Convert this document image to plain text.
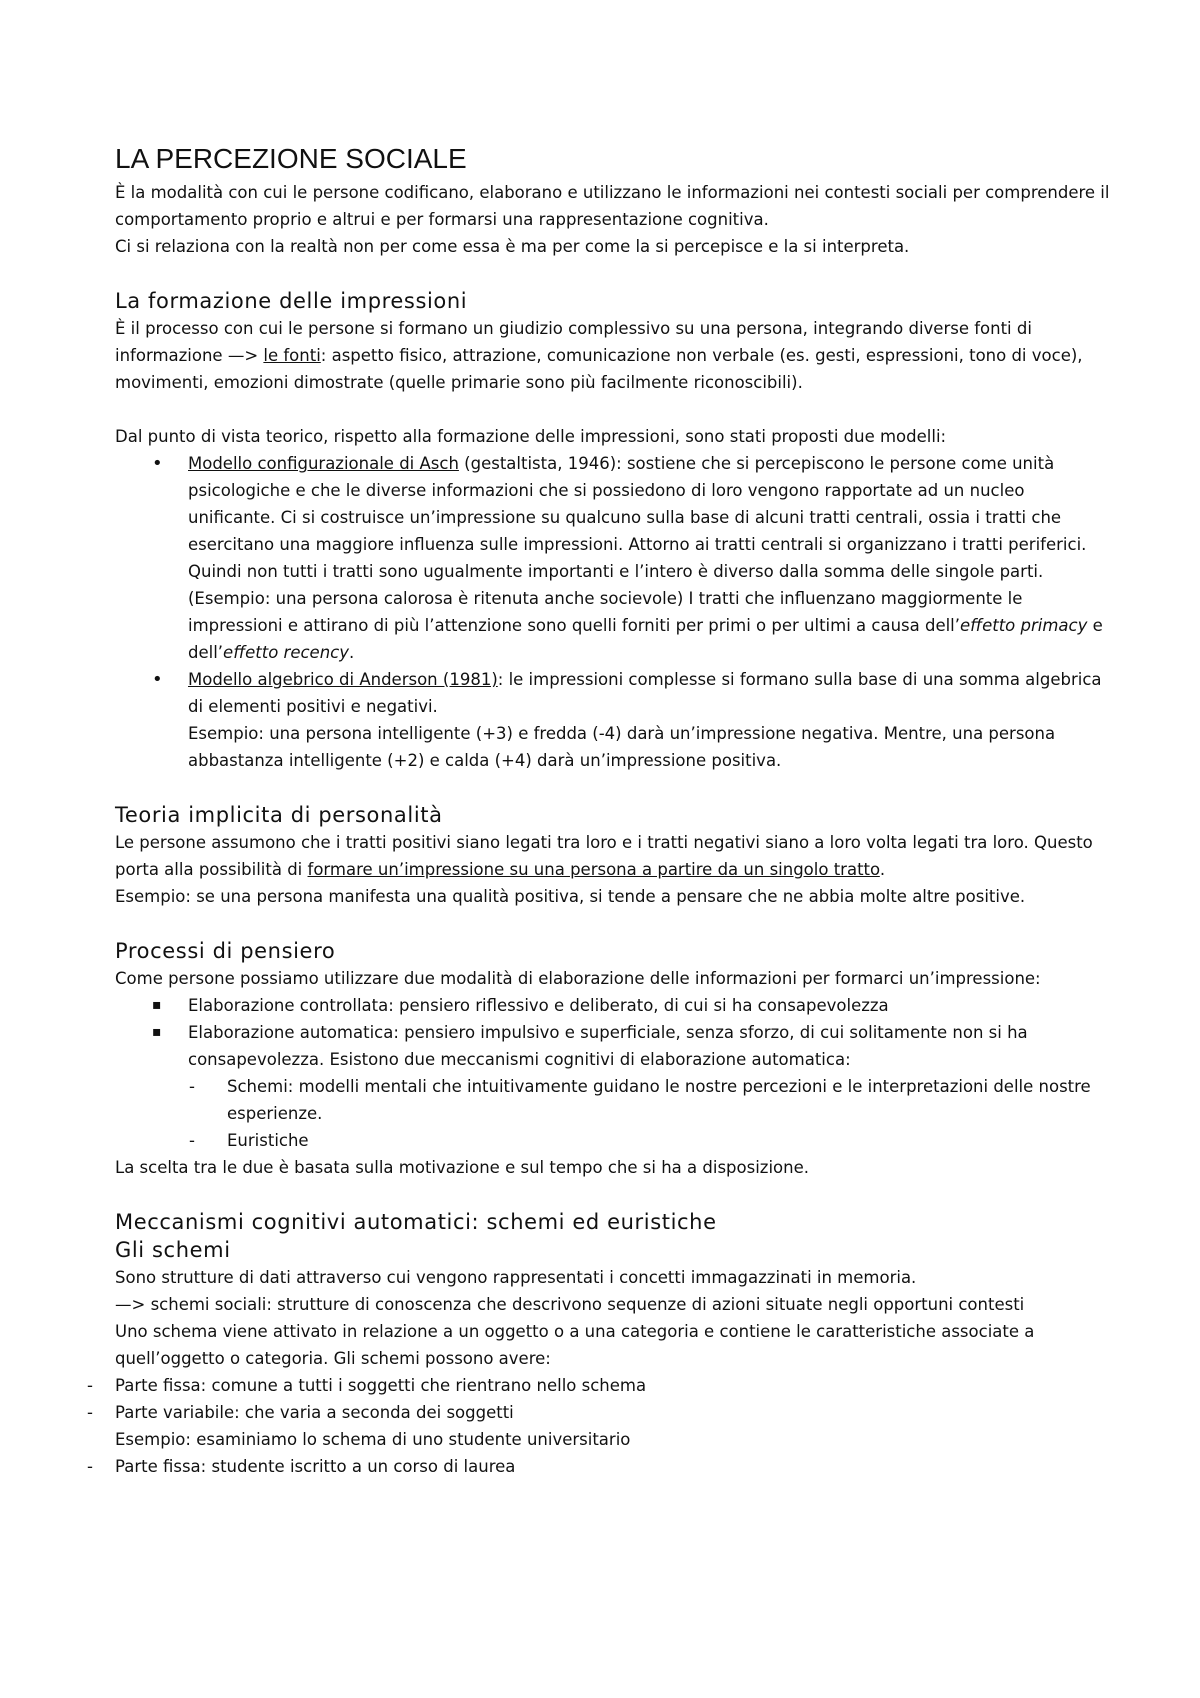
LA PERCEZIONE SOCIALE

È la modalità con cui le persone codificano, elaborano e utilizzano le informazioni nei contesti sociali per comprendere il comportamento proprio e altrui e per formarsi una rappresentazione cognitiva.

Ci si relaziona con la realtà non per come essa è ma per come la si percepisce e la si interpreta.

La formazione delle impressioni

È il processo con cui le persone si formano un giudizio complessivo su una persona, integrando diverse fonti di informazione —> le fonti: aspetto fisico, attrazione, comunicazione non verbale (es. gesti, espressioni, tono di voce), movimenti, emozioni dimostrate (quelle primarie sono più facilmente riconoscibili).

Dal punto di vista teorico, rispetto alla formazione delle impressioni, sono stati proposti due modelli:

• Modello configurazionale di Asch (gestaltista, 1946): sostiene che si percepiscono le persone come unità psicologiche e che le diverse informazioni che si possiedono di loro vengono rapportate ad un nucleo unificante. Ci si costruisce un’impressione su qualcuno sulla base di alcuni tratti centrali, ossia i tratti che esercitano una maggiore influenza sulle impressioni. Attorno ai tratti centrali si organizzano i tratti periferici. Quindi non tutti i tratti sono ugualmente importanti e l’intero è diverso dalla somma delle singole parti. (Esempio: una persona calorosa è ritenuta anche socievole) I tratti che influenzano maggiormente le impressioni e attirano di più l’attenzione sono quelli forniti per primi o per ultimi a causa dell’effetto primacy e dell’effetto recency.
• Modello algebrico di Anderson (1981): le impressioni complesse si formano sulla base di una somma algebrica di elementi positivi e negativi.
Esempio: una persona intelligente (+3) e fredda (-4) darà un’impressione negativa. Mentre, una persona abbastanza intelligente (+2) e calda (+4) darà un’impressione positiva.
Teoria implicita di personalità

Le persone assumono che i tratti positivi siano legati tra loro e i tratti negativi siano a loro volta legati tra loro. Questo porta alla possibilità di formare un’impressione su una persona a partire da un singolo tratto.

Esempio: se una persona manifesta una qualità positiva, si tende a pensare che ne abbia molte altre positive.

Processi di pensiero

Come persone possiamo utilizzare due modalità di elaborazione delle informazioni per formarci un’impressione:

▪ Elaborazione controllata: pensiero riflessivo e deliberato, di cui si ha consapevolezza
▪ Elaborazione automatica: pensiero impulsivo e superficiale, senza sforzo, di cui solitamente non si ha consapevolezza. Esistono due meccanismi cognitivi di elaborazione automatica:
- Schemi: modelli mentali che intuitivamente guidano le nostre percezioni e le interpretazioni delle nostre esperienze.
- Euristiche

La scelta tra le due è basata sulla motivazione e sul tempo che si ha a disposizione.

Meccanismi cognitivi automatici: schemi ed euristiche
Gli schemi

Sono strutture di dati attraverso cui vengono rappresentati i concetti immagazzinati in memoria.

—> schemi sociali: strutture di conoscenza che descrivono sequenze di azioni situate negli opportuni contesti

Uno schema viene attivato in relazione a un oggetto o a una categoria e contiene le caratteristiche associate a quell’oggetto o categoria. Gli schemi possono avere:

- Parte fissa: comune a tutti i soggetti che rientrano nello schema
- Parte variabile: che varia a seconda dei soggetti

Esempio: esaminiamo lo schema di uno studente universitario

- Parte fissa: studente iscritto a un corso di laurea
